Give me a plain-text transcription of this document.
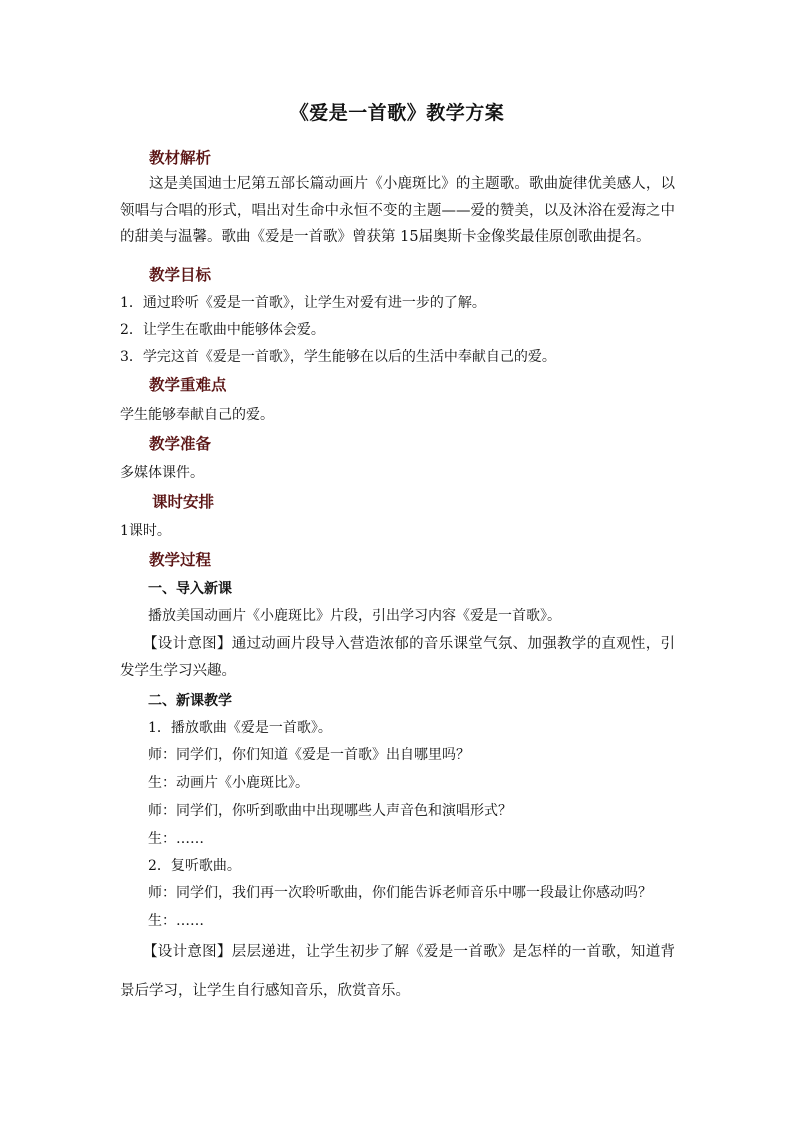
《爱是一首歌》教学方案
教材解析
这是美国迪士尼第五部长篇动画片《小鹿斑比》的主题歌。歌曲旋律优美感人，以领唱与合唱的形式，唱出对生命中永恒不变的主题——爱的赞美，以及沐浴在爱海之中的甜美与温馨。歌曲《爱是一首歌》曾获第 15届奥斯卡金像奖最佳原创歌曲提名。
教学目标
1．通过聆听《爱是一首歌》，让学生对爱有进一步的了解。
2．让学生在歌曲中能够体会爱。
3．学完这首《爱是一首歌》，学生能够在以后的生活中奉献自己的爱。
教学重难点
学生能够奉献自己的爱。
教学准备
多媒体课件。
课时安排
1课时。
教学过程
一、导入新课
播放美国动画片《小鹿斑比》片段，引出学习内容《爱是一首歌》。
【设计意图】通过动画片段导入营造浓郁的音乐课堂气氛、加强教学的直观性，引发学生学习兴趣。
二、新课教学
1．播放歌曲《爱是一首歌》。
师：同学们，你们知道《爱是一首歌》出自哪里吗？
生：动画片《小鹿斑比》。
师：同学们，你听到歌曲中出现哪些人声音色和演唱形式？
生：……
2．复听歌曲。
师：同学们，我们再一次聆听歌曲，你们能告诉老师音乐中哪一段最让你感动吗？
生：……
【设计意图】层层递进，让学生初步了解《爱是一首歌》是怎样的一首歌，知道背景后学习，让学生自行感知音乐，欣赏音乐。
